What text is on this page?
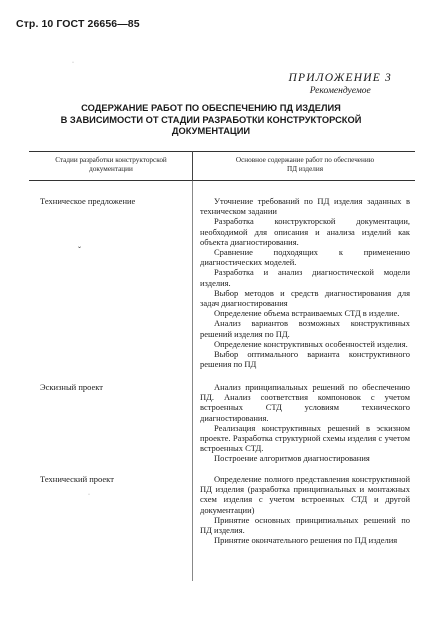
Стр. 10 ГОСТ 26656—85
ПРИЛОЖЕНИЕ 3
Рекомендуемое
СОДЕРЖАНИЕ РАБОТ ПО ОБЕСПЕЧЕНИЮ ПД ИЗДЕЛИЯ
В ЗАВИСИМОСТИ ОТ СТАДИИ РАЗРАБОТКИ КОНСТРУКТОРСКОЙ
ДОКУМЕНТАЦИИ
Стадии разработки конструкторской
документации
Основное содержание работ по обеспечению
ПД изделия
Техническое предложение	Уточнение требований по ПД изделия заданных в техническом задании

Разработка конструкторской документации, необходимой для описания и анализа изделий как объекта диагностирования.

Сравнение подходящих к применению диагностических моделей.

Разработка и анализ диагностической модели изделия.

Выбор методов и средств диагностирования для задач диагностирования

Определение объема встраиваемых СТД в изделие.

Анализ вариантов возможных конструктивных решений изделия по ПД.

Определение конструктивных особенностей изделия.

Выбор оптимального варианта конструктивного решения по ПД

Эскизный проект	Анализ принципиальных решений по обеспечению ПД. Анализ соответствия компоновок с учетом встроенных СТД условиям технического диагностирования.

Реализация конструктивных решений в эскизном проекте. Разработка структурной схемы изделия с учетом встроенных СТД.

Построение алгоритмов диагностирования

Технический проект	Определение полного представления конструктивной ПД изделия (разработка принципиальных и монтажных схем изделия с учетом встроенных СТД и другой документации)

Принятие основных принципиальных решений по ПД изделия.

Принятие окончательного решения по ПД изделия

ˇ
·
·
